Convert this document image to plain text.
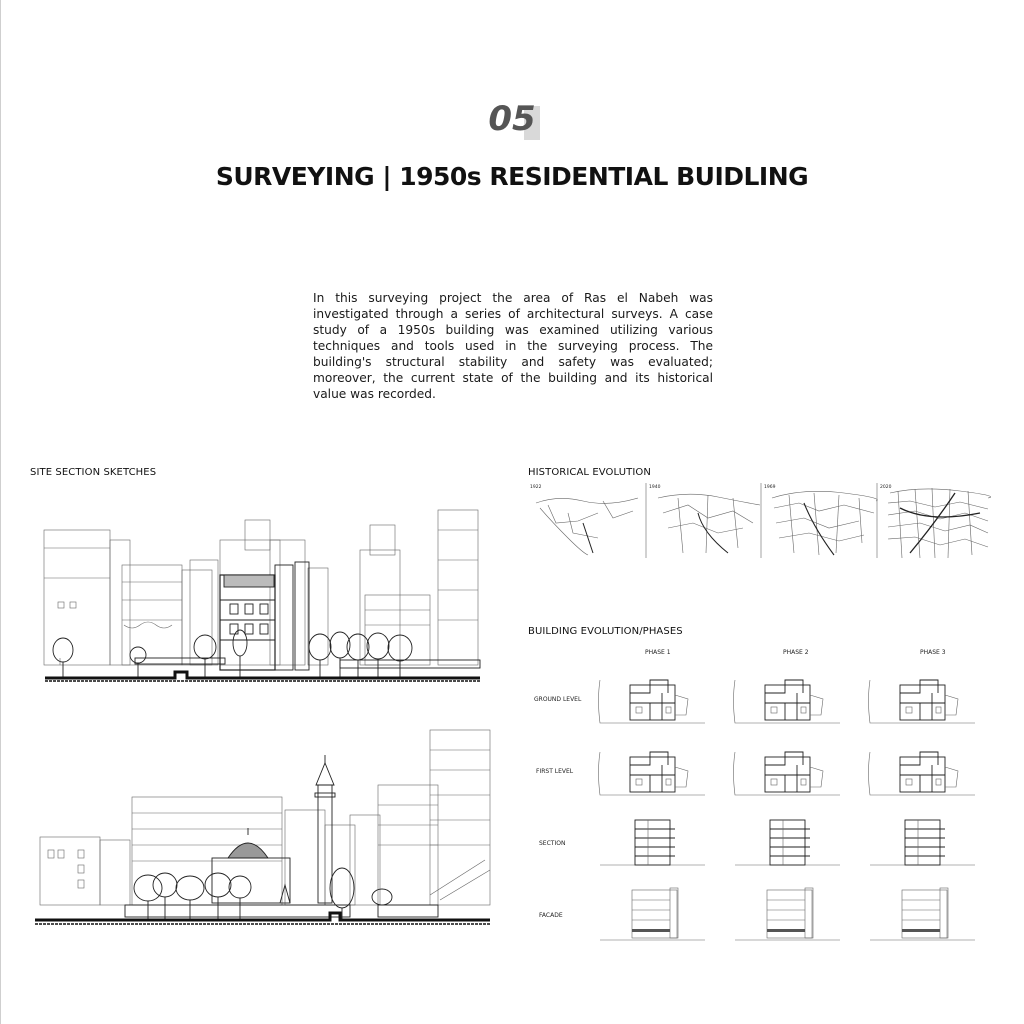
05
SURVEYING | 1950s RESIDENTIAL BUIDLING

In this surveying project the area of Ras el Nabeh was investigated through a series of architectural surveys. A case study of a 1950s building was examined utilizing various techniques and tools used in the surveying process. The building's structural stability and safety was evaluated; moreover, the current state of the building and its historical value was recorded.

SITE SECTION SKETCHES	HISTORICAL EVOLUTION
BUILDING EVOLUTION/PHASES
1922	1940	1969	2020
PHASE 1	PHASE 2	PHASE 3
GROUND LEVEL
FIRST LEVEL
SECTION
FACADE
